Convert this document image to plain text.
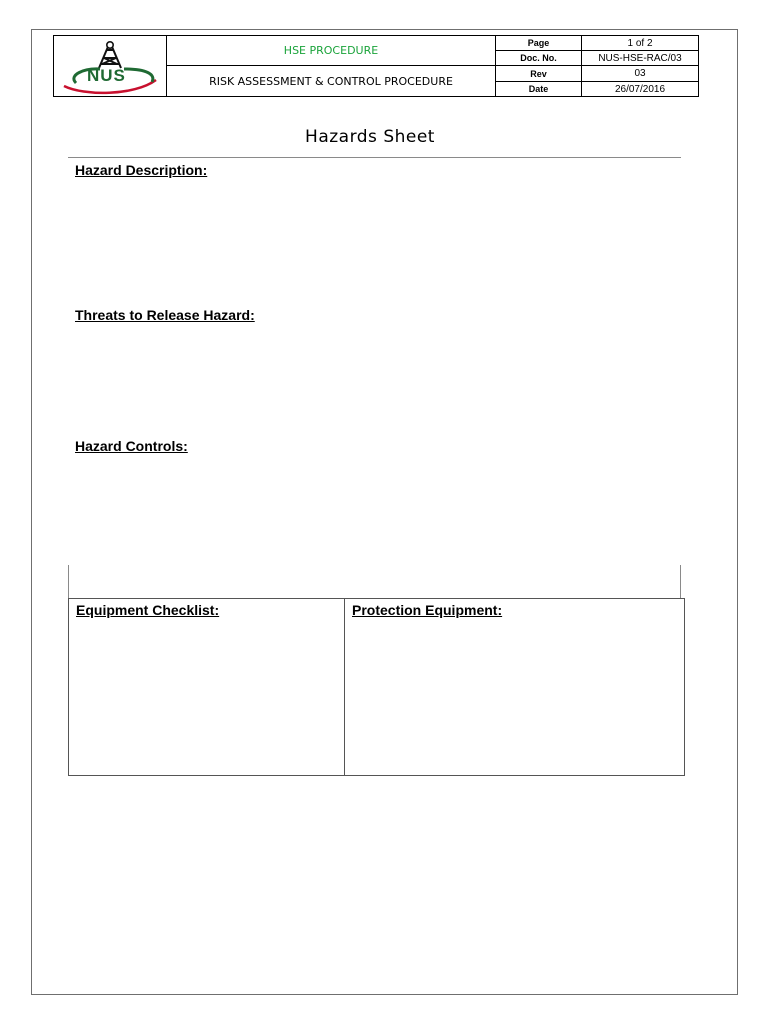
NUS	HSE PROCEDURE	Page	1 of 2
		Doc. No.	NUS-HSE-RAC/03
	RISK ASSESSMENT & CONTROL PROCEDURE	Rev	03
		Date	26/07/2016
Hazards Sheet
Hazard Description:
Threats to Release Hazard:
Hazard Controls:
Equipment Checklist:	Protection Equipment:
